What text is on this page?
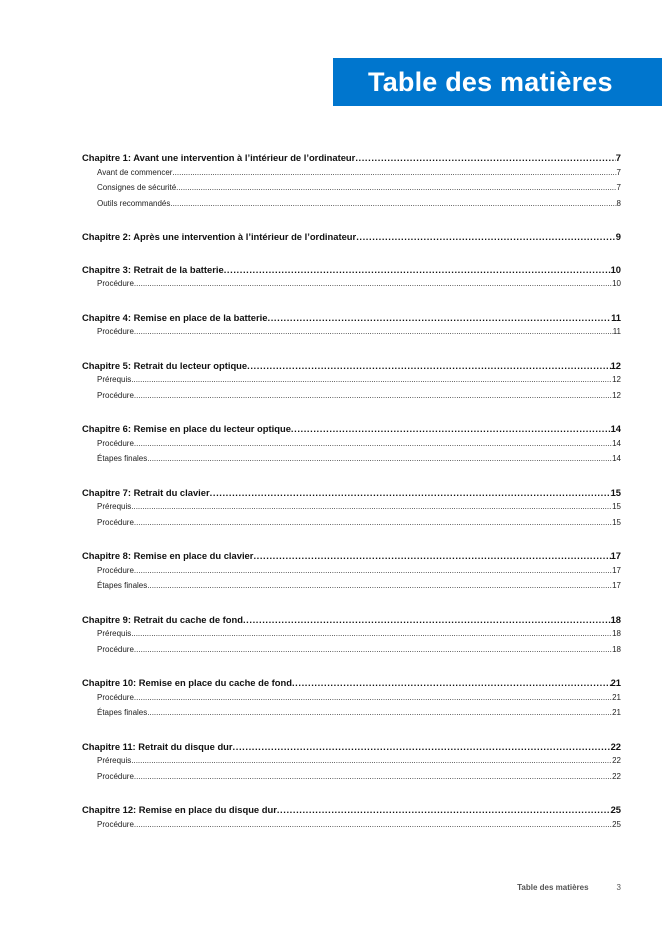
Table des matières
Chapitre 1: Avant une intervention à l’intérieur de l’ordinateur .....	7
Avant de commencer .....	7
Consignes de sécurité .....	7
Outils recommandés .....	8
Chapitre 2: Après une intervention à l’intérieur de l’ordinateur .....	9
Chapitre 3: Retrait de la batterie .....	10
Procédure .....	10
Chapitre 4: Remise en place de la batterie .....	11
Procédure .....	11
Chapitre 5: Retrait du lecteur optique .....	12
Prérequis .....	12
Procédure .....	12
Chapitre 6: Remise en place du lecteur optique .....	14
Procédure .....	14
Étapes finales .....	14
Chapitre 7: Retrait du clavier .....	15
Prérequis .....	15
Procédure .....	15
Chapitre 8: Remise en place du clavier .....	17
Procédure .....	17
Étapes finales .....	17
Chapitre 9: Retrait du cache de fond .....	18
Prérequis .....	18
Procédure .....	18
Chapitre 10: Remise en place du cache de fond .....	21
Procédure .....	21
Étapes finales .....	21
Chapitre 11: Retrait du disque dur .....	22
Prérequis .....	22
Procédure .....	22
Chapitre 12: Remise en place du disque dur .....	25
Procédure .....	25
Table des matières	3
